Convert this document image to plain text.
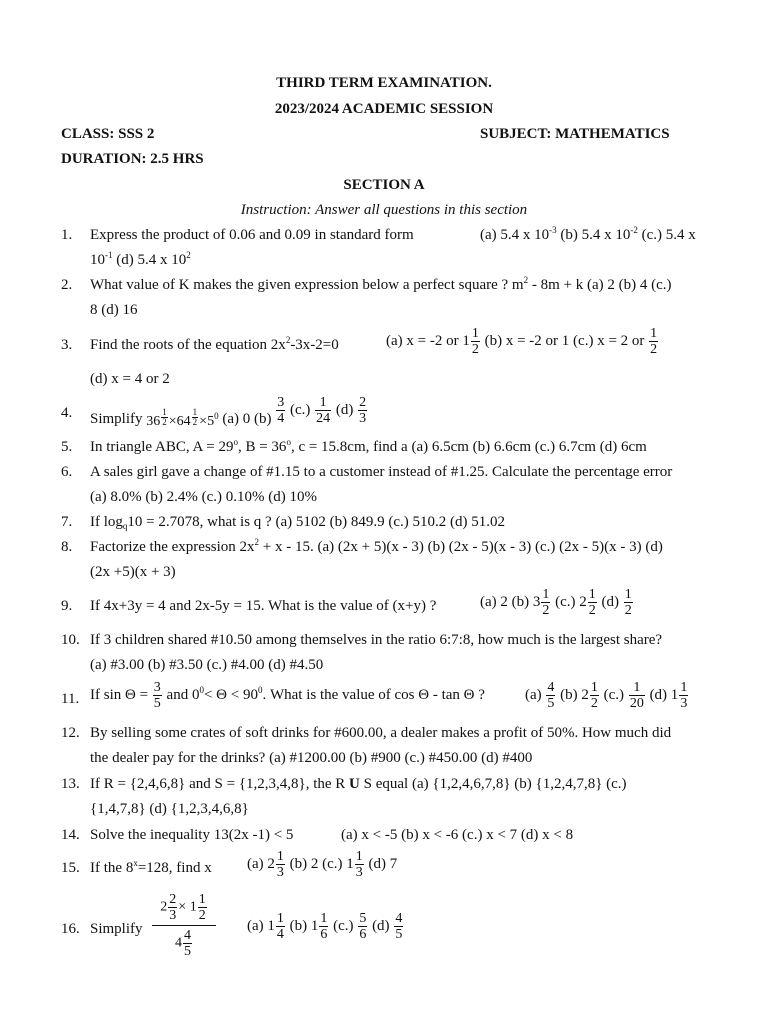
THIRD TERM EXAMINATION.
2023/2024 ACADEMIC SESSION
CLASS: SSS 2	SUBJECT: MATHEMATICS
DURATION: 2.5 HRS
SECTION A
Instruction: Answer all questions in this section
1. Express the product of 0.06 and 0.09 in standard form	(a) 5.4 x $10^{-3}$ (b) 5.4 x $10^{-2}$ (c.) 5.4 x
$10^{-1}$ (d) 5.4 x $10^2$
2. What value of K makes the given expression below a perfect square ? $m^2 - 8m + k$ (a) 2 (b) 4 (c.)
8 (d) 16
3. Find the roots of the equation $2x^2-3x-2=0$	(a) x = -2 or $1 \frac{1}{2} (b) x = -2$ or 1 (c.) x = 2 or $\frac{1}{2}$
(d) x = 4 or 2
4. Simplify $36 \frac{1}{2} \times 64 \frac{1}{2} \times 5^0$ (a) 0 $(b) \frac{3}{4} (c.) \frac{1}{24} (d) \frac{2}{3}$
5. In triangle ABC, $A = 29^o$, $B = 36^o$, c = 15.8cm, find a (a) 6.5cm (b) 6.6cm (c.) 6.7cm (d) 6cm
6. A sales girl gave a change of #1.15 to a customer instead of #1.25. Calculate the percentage error
(a) 8.0% (b) 2.4% (c.) 0.10% (d) 10%
7. If $\log_q10 = 2.7078$, what is q ? (a) 5102 (b) 849.9 (c.) 510.2 (d) 51.02
8. Factorize the expression $2x^2 + x - 15$. (a) (2x + 5)(x - 3) (b) (2x - 5)(x - 3) (c.) (2x - 5)(x - 3) (d)
(2x +5)(x + 3)
9. If 4x+3y = 4 and 2x-5y = 15. What is the value of (x+y) ?	(a) 2 (b) $3 \frac{1}{2} (c.)$ $2 \frac{1}{2} (d) \frac{1}{2}$
10. If 3 children shared #10.50 among themselves in the ratio 6:7:8, how much is the largest share?
(a) #3.00 (b) #3.50 (c.) #4.00 (d) #4.50
11. If $\sin \Theta = \frac{3}{5}$ and $0^0< \Theta < 90^0$. What is the value of cos Θ - tan Θ ?	$(a) \frac{4}{5} (b)$ $2 \frac{1}{2} (c.) \frac{1}{20} (d)$ $1 \frac{1}{3}$
12. By selling some crates of soft drinks for #600.00, a dealer makes a profit of 50%. How much did
the dealer pay for the drinks? (a) #1200.00 (b) #900 (c.) #450.00 (d) #400
13. If R = {2,4,6,8} and S = {1,2,3,4,8}, the R U S equal (a) {1,2,4,6,7,8} (b) {1,2,4,7,8} (c.)
{1,4,7,8} (d) {1,2,3,4,6,8}
14. Solve the inequality 13(2x -1) < 5	(a) x < -5 (b) x < -6 (c.) x < 7 (d) x < 8
15. If the $8^x=128$, find x (a) $2 \frac{1}{3} (b)$ 2 (c.) $1 \frac{1}{3} (d)$ 7
16. Simplify
$2 \frac{2}{3} \times 1 \frac{1}{2}$
$4 \frac{4}{5}$
(a) $1 \frac{1}{4} (b)$ $1 \frac{1}{6} (c.) \frac{5}{6} (d) \frac{4}{5}$
